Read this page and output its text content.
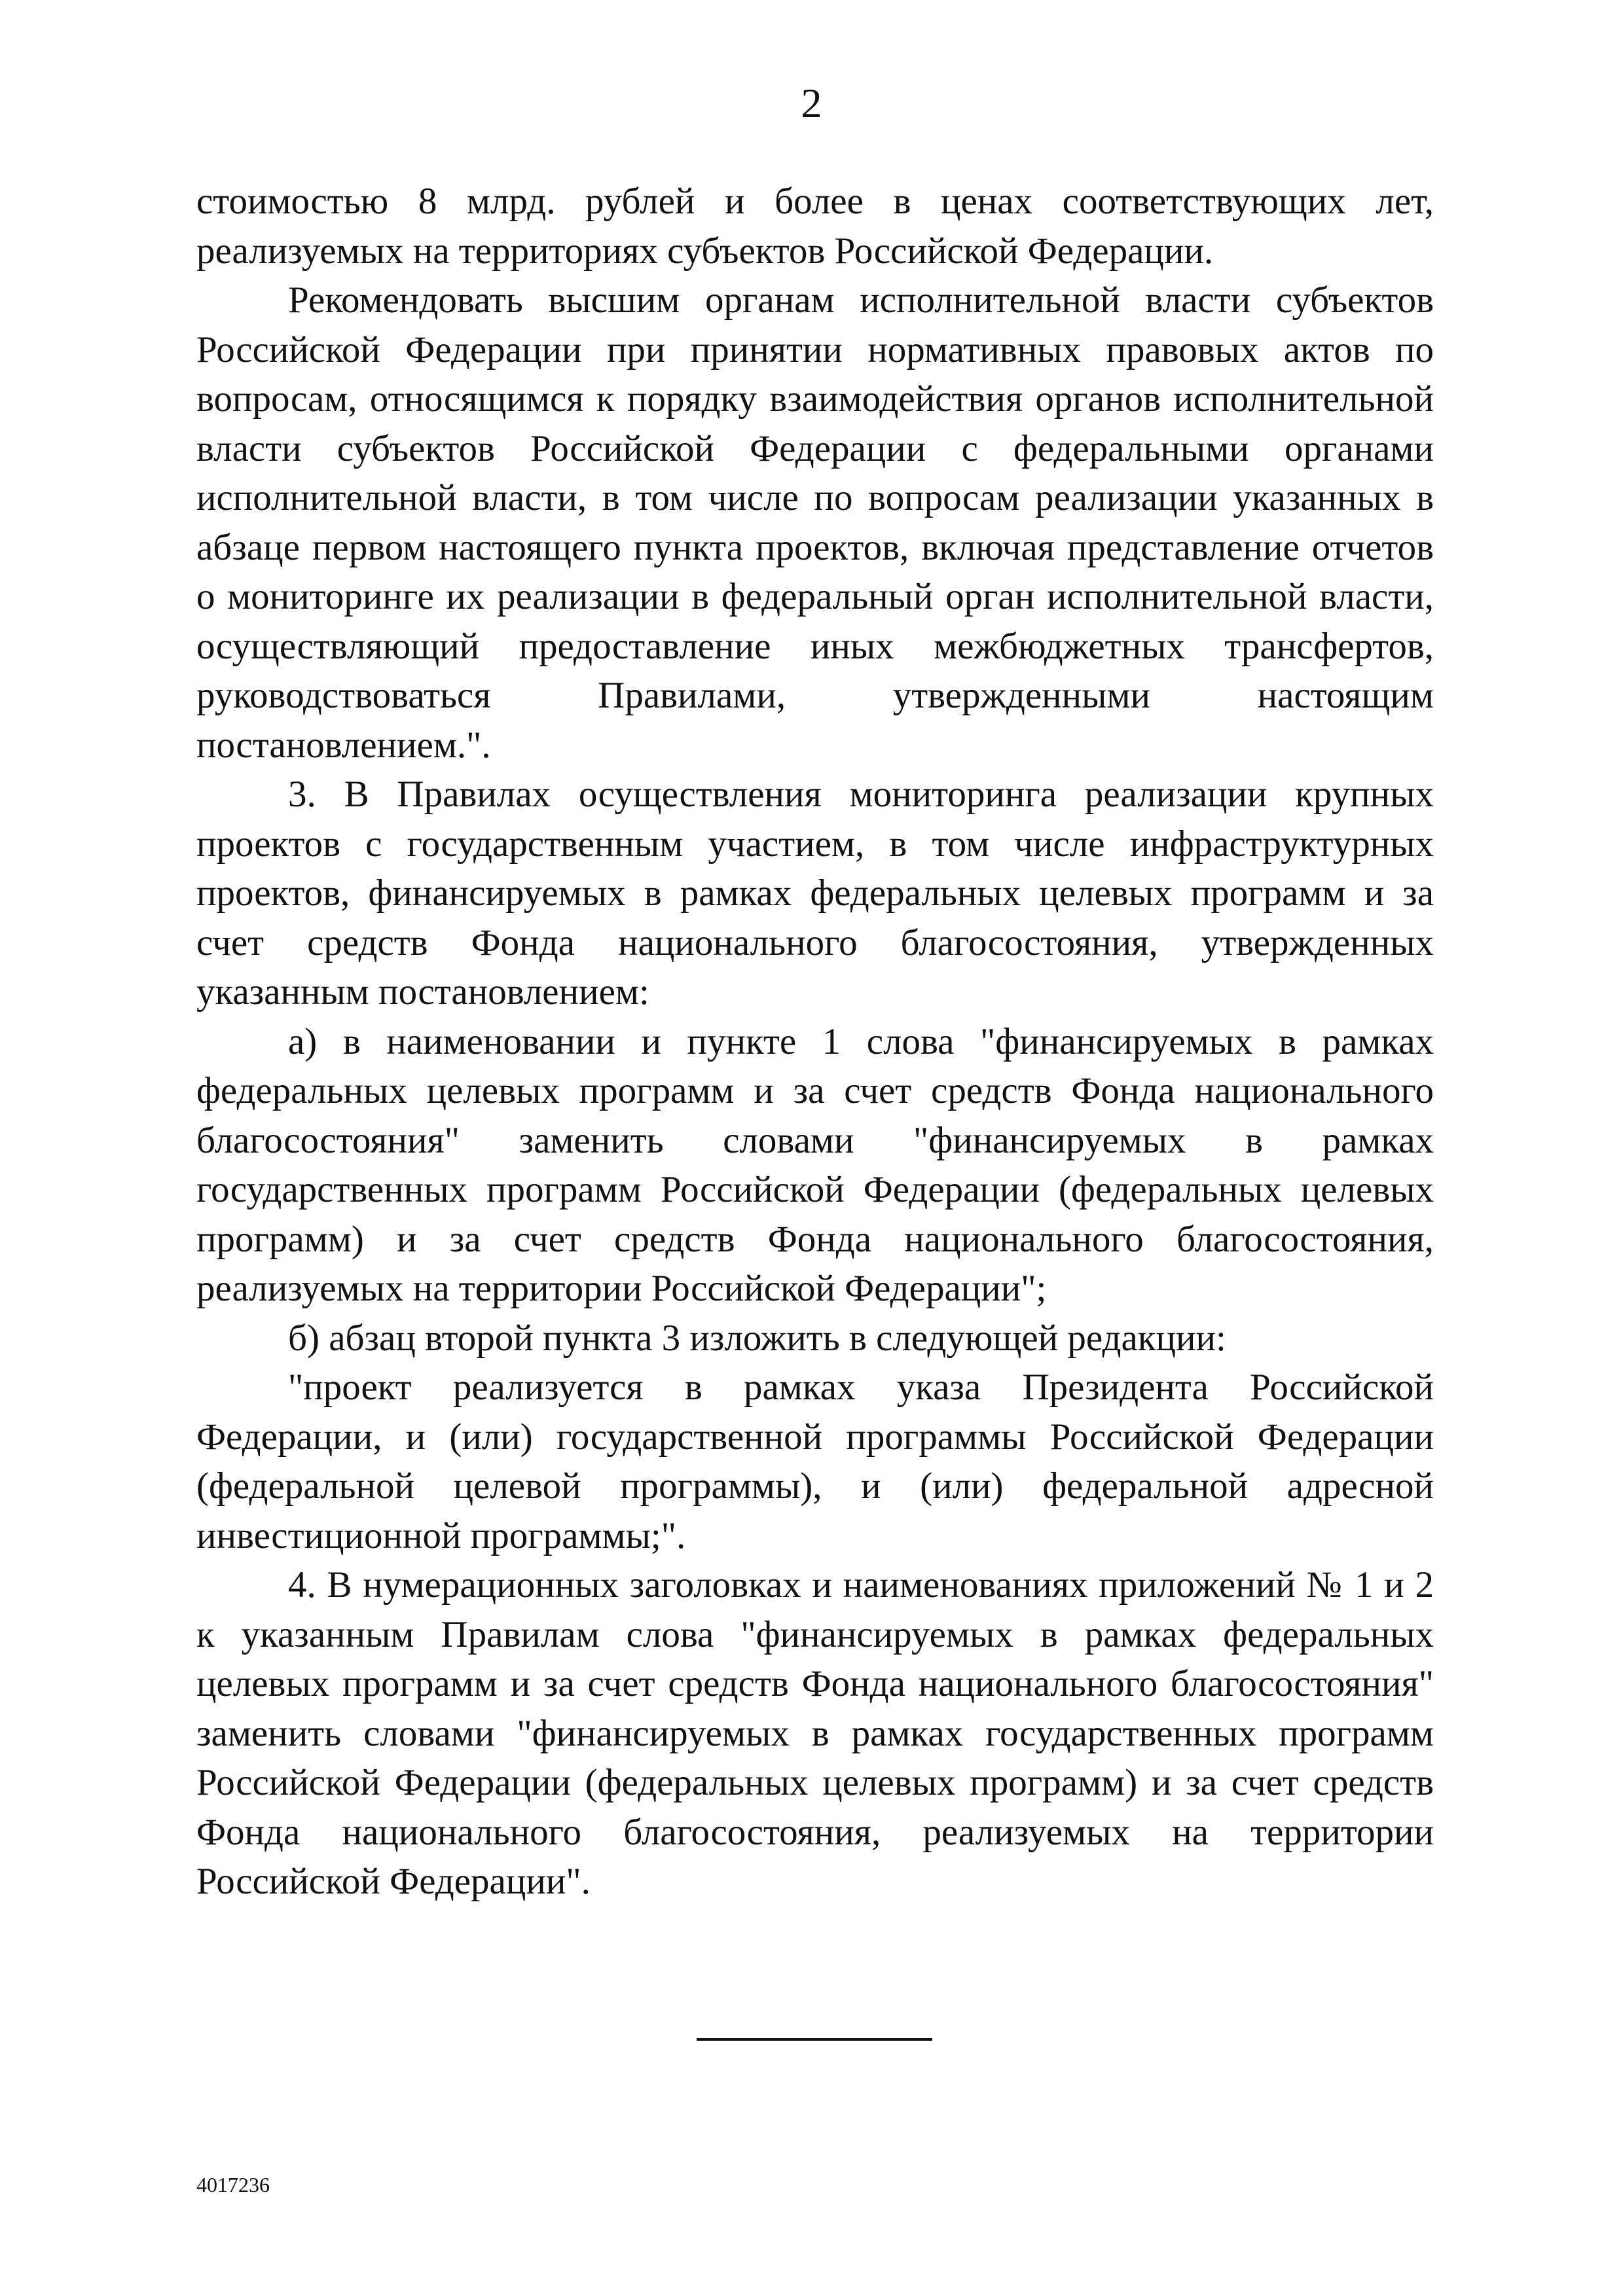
2

стоимостью 8 млрд. рублей и более в ценах соответствующих лет, реализуемых на территориях субъектов Российской Федерации.

Рекомендовать высшим органам исполнительной власти субъектов Российской Федерации при принятии нормативных правовых актов по вопросам, относящимся к порядку взаимодействия органов исполнительной власти субъектов Российской Федерации с федеральными органами исполнительной власти, в том числе по вопросам реализации указанных в абзаце первом настоящего пункта проектов, включая представление отчетов о мониторинге их реализации в федеральный орган исполнительной власти, осуществляющий предоставление иных межбюджетных трансфертов, руководствоваться Правилами, утвержденными настоящим постановлением.".

3. В Правилах осуществления мониторинга реализации крупных проектов с государственным участием, в том числе инфраструктурных проектов, финансируемых в рамках федеральных целевых программ и за счет средств Фонда национального благосостояния, утвержденных указанным постановлением:

а) в наименовании и пункте 1 слова "финансируемых в рамках федеральных целевых программ и за счет средств Фонда национального благосостояния" заменить словами "финансируемых в рамках государственных программ Российской Федерации (федеральных целевых программ) и за счет средств Фонда национального благосостояния, реализуемых на территории Российской Федерации";

б) абзац второй пункта 3 изложить в следующей редакции:

"проект реализуется в рамках указа Президента Российской Федерации, и (или) государственной программы Российской Федерации (федеральной целевой программы), и (или) федеральной адресной инвестиционной программы;".

4. В нумерационных заголовках и наименованиях приложений № 1 и 2 к указанным Правилам слова "финансируемых в рамках федеральных целевых программ и за счет средств Фонда национального благосостояния" заменить словами "финансируемых в рамках государственных программ Российской Федерации (федеральных целевых программ) и за счет средств Фонда национального благосостояния, реализуемых на территории Российской Федерации".

4017236
